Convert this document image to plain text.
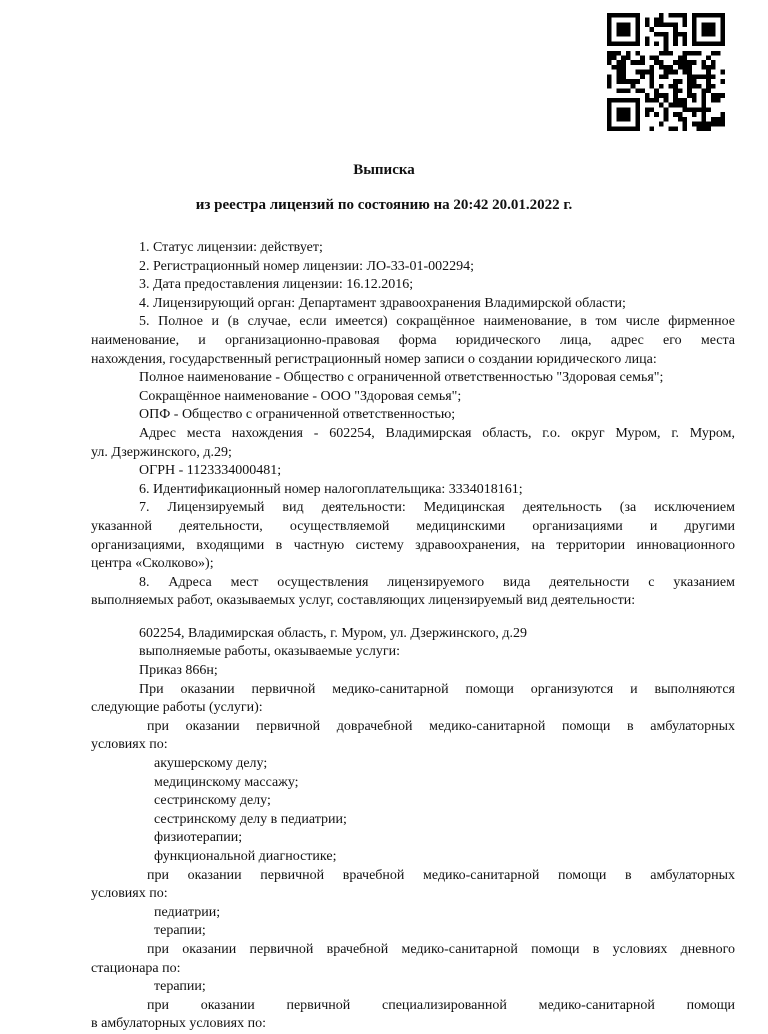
Выписка
из реестра лицензий по состоянию на 20:42 20.01.2022 г.

1. Статус лицензии: действует;

2. Регистрационный номер лицензии: ЛО-33-01-002294;

3. Дата предоставления лицензии: 16.12.2016;

4. Лицензирующий орган: Департамент здравоохранения Владимирской области;

5. Полное и (в случае, если имеется) сокращённое наименование, в том числе фирменное

наименование, и организационно-правовая форма юридического лица, адрес его места

нахождения, государственный регистрационный номер записи о создании юридического лица:

Полное наименование - Общество с ограниченной ответственностью "Здоровая семья";

Сокращённое наименование - ООО "Здоровая семья";

ОПФ - Общество с ограниченной ответственностью;

Адрес места нахождения - 602254, Владимирская область, г.о. округ Муром, г. Муром,

ул. Дзержинского, д.29;

ОГРН - 1123334000481;

6. Идентификационный номер налогоплательщика: 3334018161;

7. Лицензируемый вид деятельности: Медицинская деятельность (за исключением

указанной деятельности, осуществляемой медицинскими организациями и другими

организациями, входящими в частную систему здравоохранения, на территории инновационного

центра «Сколково»);

8. Адреса мест осуществления лицензируемого вида деятельности с указанием

выполняемых работ, оказываемых услуг, составляющих лицензируемый вид деятельности:

602254, Владимирская область, г. Муром, ул. Дзержинского, д.29

выполняемые работы, оказываемые услуги:

Приказ 866н;

При оказании первичной медико-санитарной помощи организуются и выполняются

следующие работы (услуги):

при оказании первичной доврачебной медико-санитарной помощи в амбулаторных

условиях по:

акушерскому делу;

медицинскому массажу;

сестринскому делу;

сестринскому делу в педиатрии;

физиотерапии;

функциональной диагностике;

при оказании первичной врачебной медико-санитарной помощи в амбулаторных

условиях по:

педиатрии;

терапии;

при оказании первичной врачебной медико-санитарной помощи в условиях дневного

стационара по:

терапии;

при оказании первичной специализированной медико-санитарной помощи

в амбулаторных условиях по:
